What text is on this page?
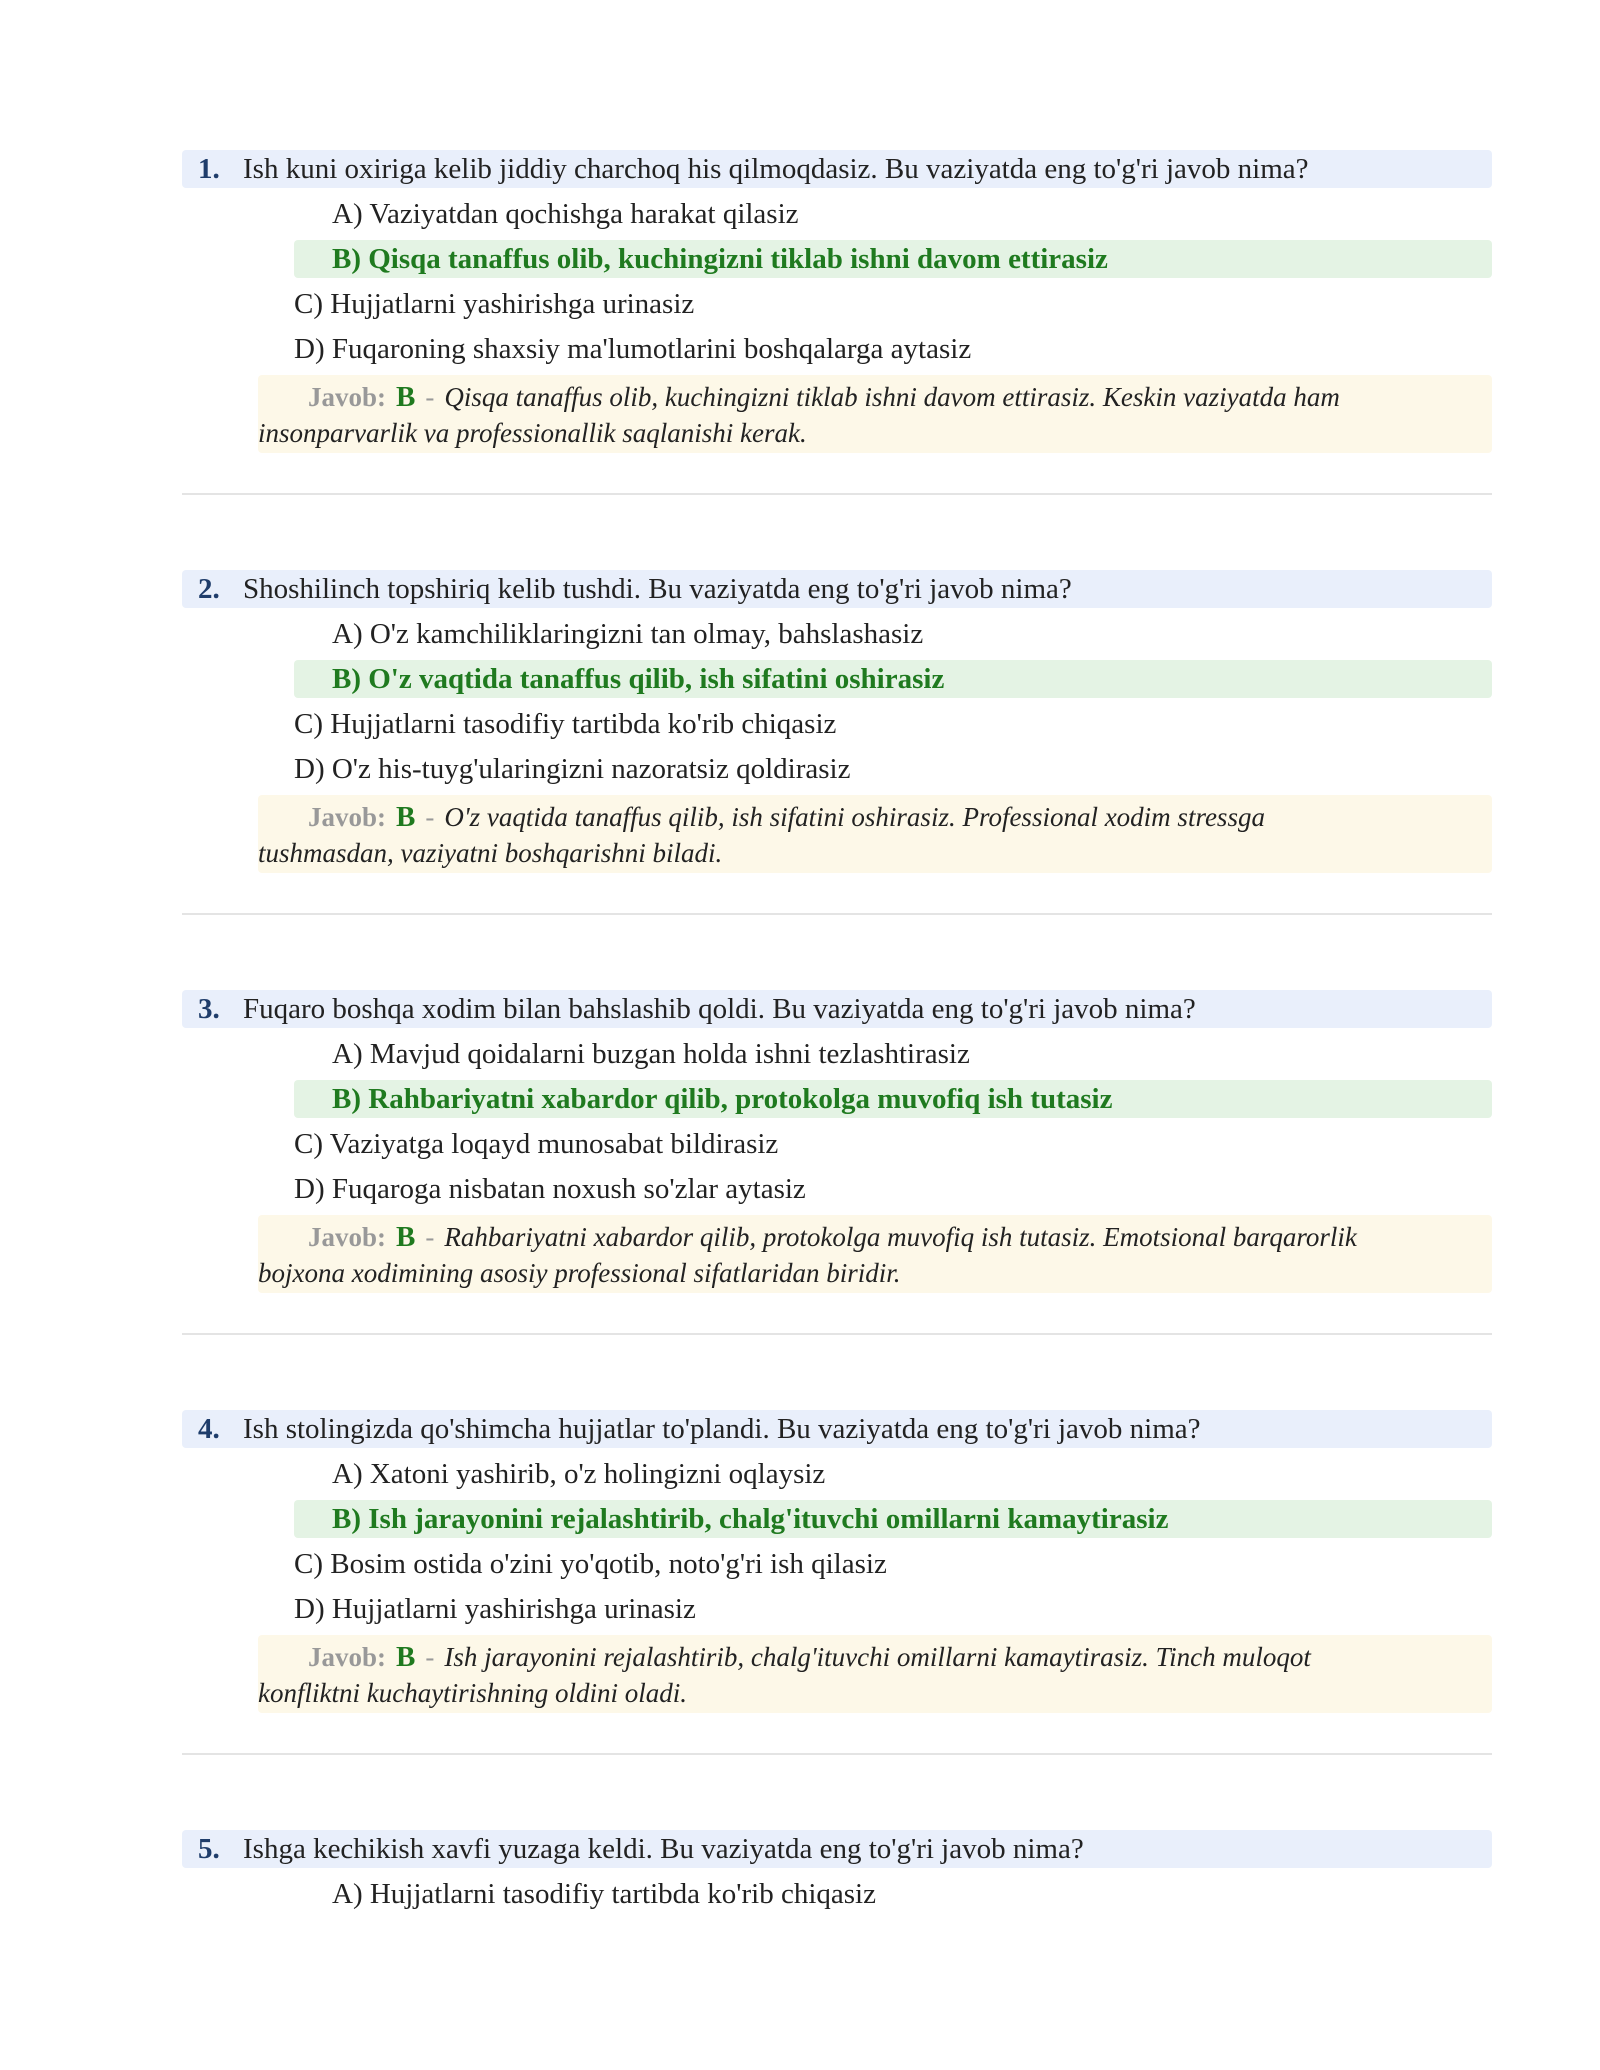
1. Ish kuni oxiriga kelib jiddiy charchoq his qilmoqdasiz. Bu vaziyatda eng to'g'ri javob nima?
A) Vaziyatdan qochishga harakat qilasiz
B) Qisqa tanaffus olib, kuchingizni tiklab ishni davom ettirasiz
C) Hujjatlarni yashirishga urinasiz
D) Fuqaroning shaxsiy ma'lumotlarini boshqalarga aytasiz
Javob: B - Qisqa tanaffus olib, kuchingizni tiklab ishni davom ettirasiz. Keskin vaziyatda ham
insonparvarlik va professionallik saqlanishi kerak.
2. Shoshilinch topshiriq kelib tushdi. Bu vaziyatda eng to'g'ri javob nima?
A) O'z kamchiliklaringizni tan olmay, bahslashasiz
B) O'z vaqtida tanaffus qilib, ish sifatini oshirasiz
C) Hujjatlarni tasodifiy tartibda ko'rib chiqasiz
D) O'z his-tuyg'ularingizni nazoratsiz qoldirasiz
Javob: B - O'z vaqtida tanaffus qilib, ish sifatini oshirasiz. Professional xodim stressga
tushmasdan, vaziyatni boshqarishni biladi.
3. Fuqaro boshqa xodim bilan bahslashib qoldi. Bu vaziyatda eng to'g'ri javob nima?
A) Mavjud qoidalarni buzgan holda ishni tezlashtirasiz
B) Rahbariyatni xabardor qilib, protokolga muvofiq ish tutasiz
C) Vaziyatga loqayd munosabat bildirasiz
D) Fuqaroga nisbatan noxush so'zlar aytasiz
Javob: B - Rahbariyatni xabardor qilib, protokolga muvofiq ish tutasiz. Emotsional barqarorlik
bojxona xodimining asosiy professional sifatlaridan biridir.
4. Ish stolingizda qo'shimcha hujjatlar to'plandi. Bu vaziyatda eng to'g'ri javob nima?
A) Xatoni yashirib, o'z holingizni oqlaysiz
B) Ish jarayonini rejalashtirib, chalg'ituvchi omillarni kamaytirasiz
C) Bosim ostida o'zini yo'qotib, noto'g'ri ish qilasiz
D) Hujjatlarni yashirishga urinasiz
Javob: B - Ish jarayonini rejalashtirib, chalg'ituvchi omillarni kamaytirasiz. Tinch muloqot
konfliktni kuchaytirishning oldini oladi.
5. Ishga kechikish xavfi yuzaga keldi. Bu vaziyatda eng to'g'ri javob nima?
A) Hujjatlarni tasodifiy tartibda ko'rib chiqasiz
